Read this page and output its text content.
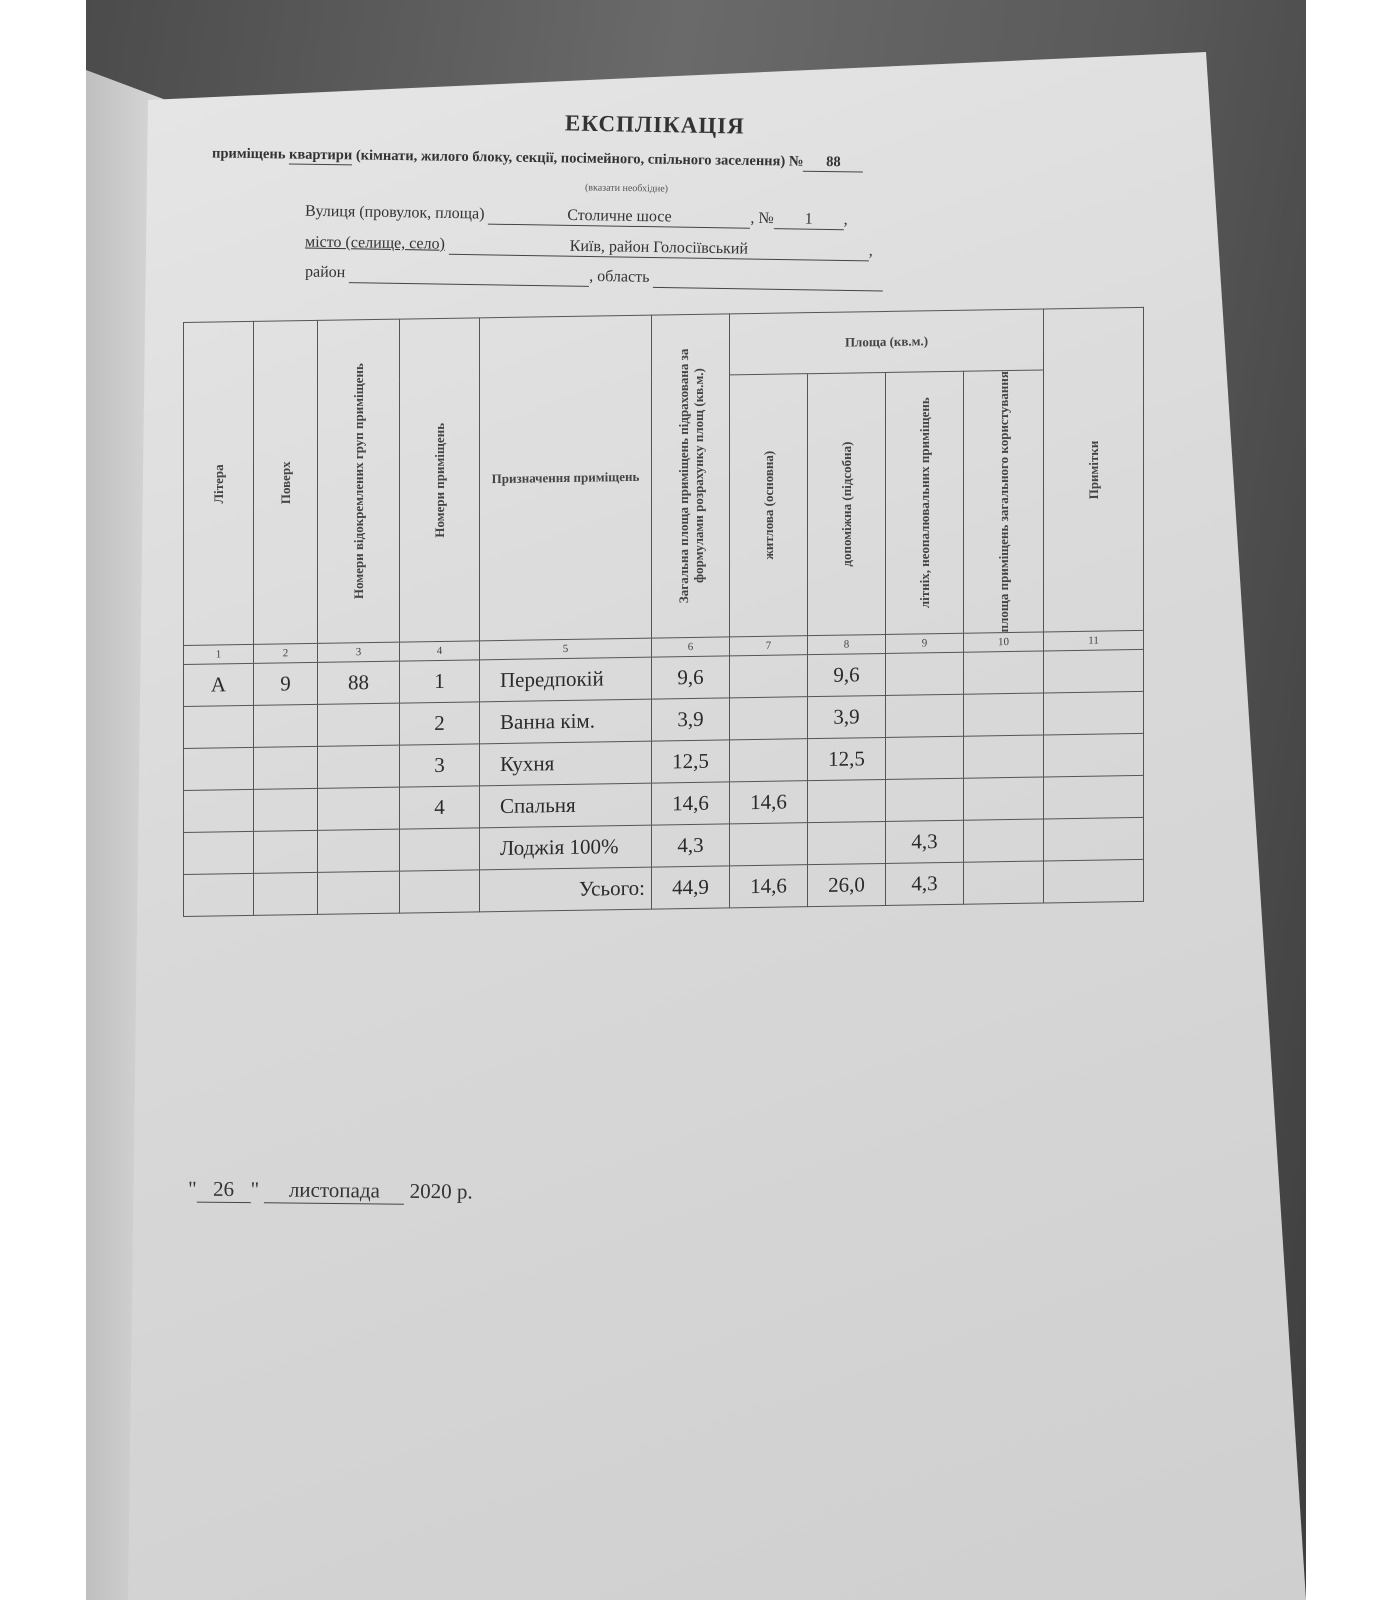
ЕКСПЛІКАЦІЯ
приміщень квартири (кімнати, жилого блоку, секції, посімейного, спільного заселення) № 88
(вказати необхідне)
Вулиця (провулок, площа)	Столичне шосе	, № 1 ,
місто (селище, село)	Київ, район Голосіївський	,
район	, область
Літера	Поверх	Номери відокремлених груп приміщень	Номери приміщень	Призначення приміщень	Загальна площа приміщень підрахована за формулами розрахунку площ (кв.м.)	Площа (кв.м.)				Примітки

						житлова (основна)	допоміжна (підсобна)	літніх, неопалювальних приміщень	площа приміщень загального користування	

1	2	3	4	5	6	7	8	9	10	11
А	9	88	1	Передпокій	9,6		9,6			
			2	Ванна кім.	3,9		3,9			
			3	Кухня	12,5		12,5			
			4	Спальня	14,6	14,6				
				Лоджія 100%	4,3			4,3		
				Усього:	44,9	14,6	26,0	4,3		
" 26 " листопада 2020 р.
